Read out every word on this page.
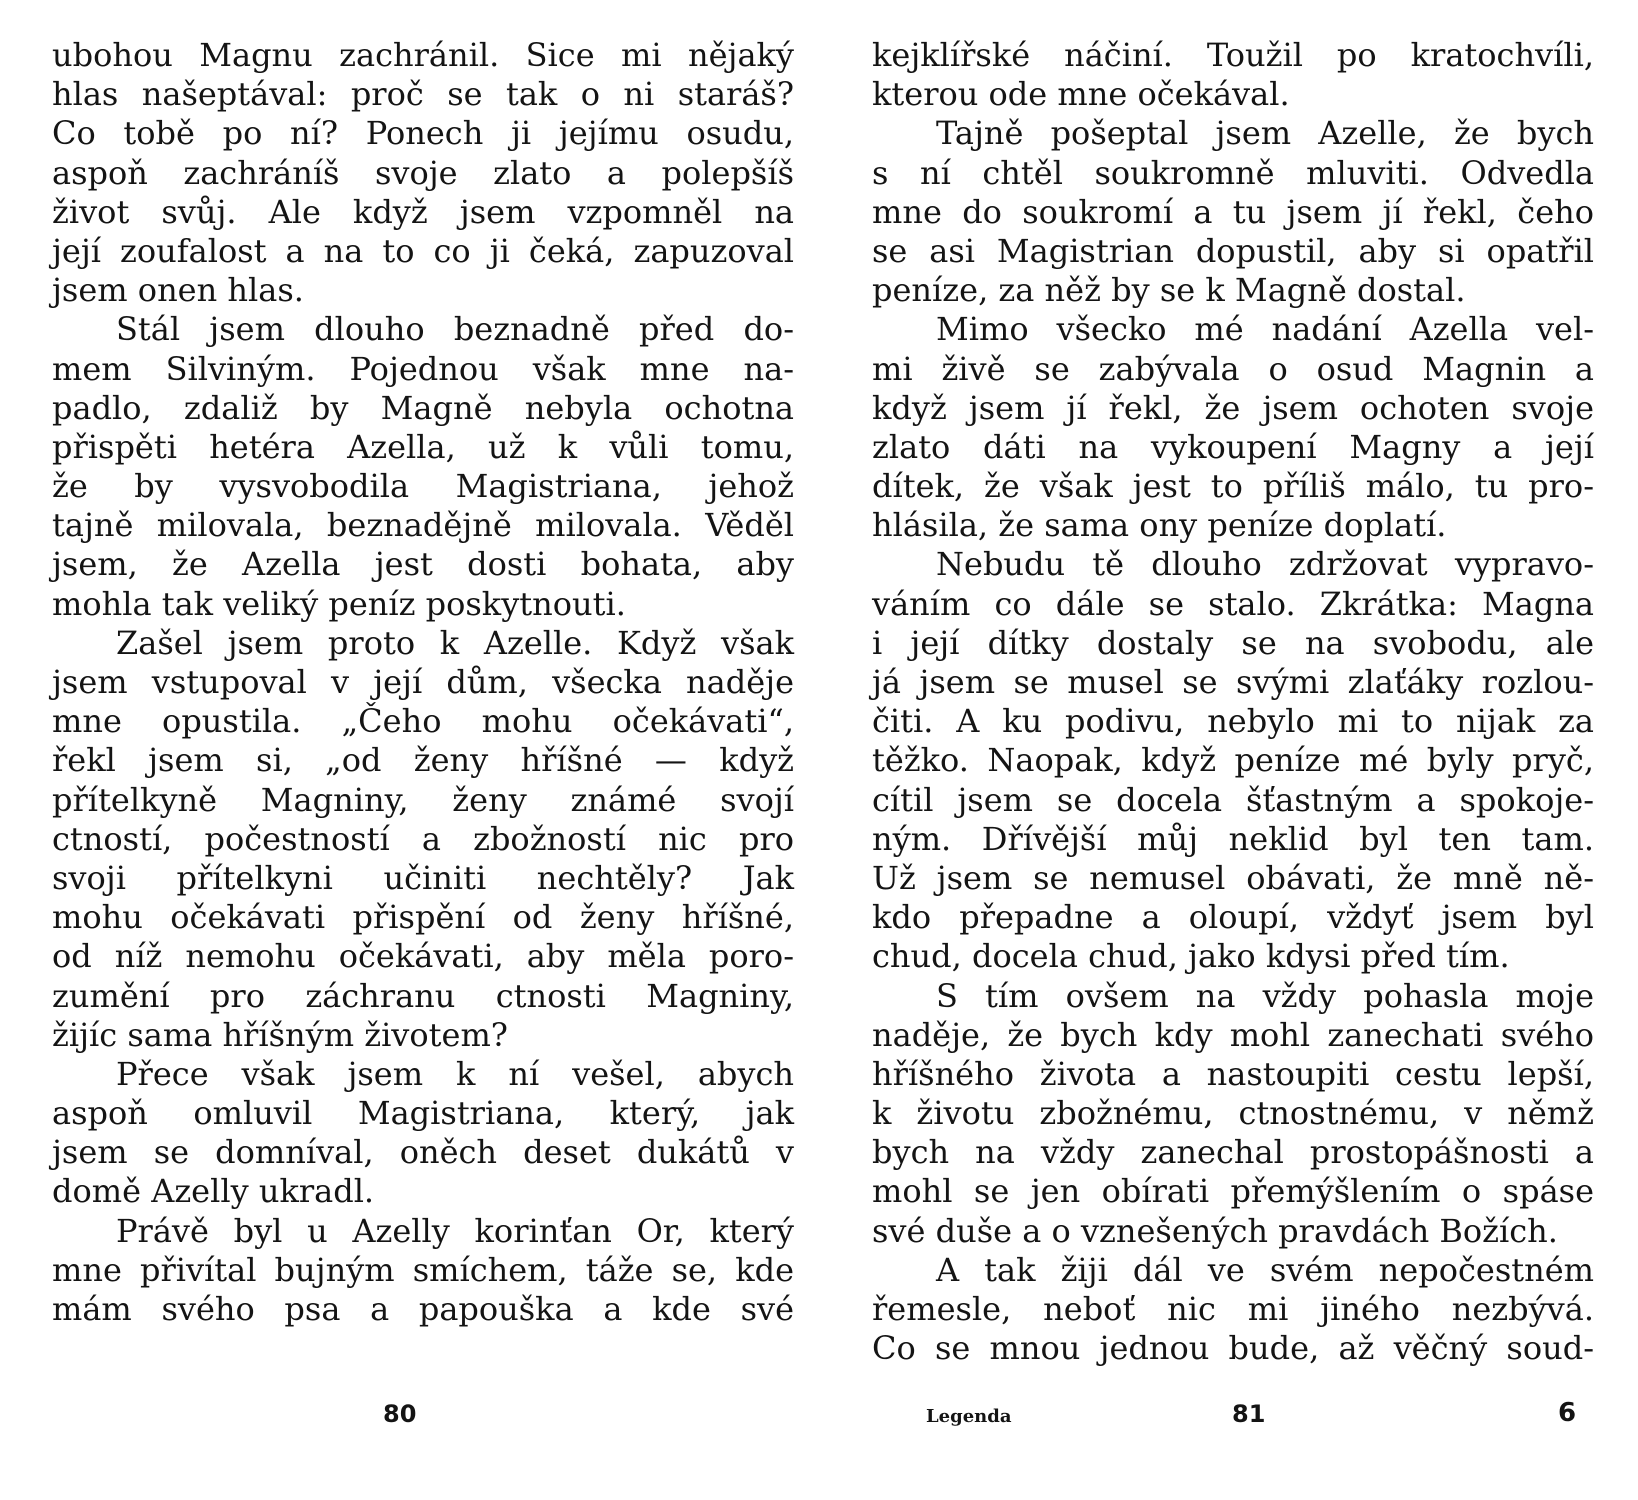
ubohou Magnu zachránil. Sice mi nějaký
hlas našeptával: proč se tak o ni staráš?
Co tobě po ní? Ponech ji jejímu osudu,
aspoň zachráníš svoje zlato a polepšíš
život svůj. Ale když jsem vzpomněl na
její zoufalost a na to co ji čeká, zapuzoval
jsem onen hlas.
Stál jsem dlouho beznadně před do-
mem Silviným. Pojednou však mne na-
padlo, zdaliž by Magně nebyla ochotna
přispěti hetéra Azella, už k vůli tomu,
že by vysvobodila Magistriana, jehož
tajně milovala, beznadějně milovala. Věděl
jsem, že Azella jest dosti bohata, aby
mohla tak veliký peníz poskytnouti.
Zašel jsem proto k Azelle. Když však
jsem vstupoval v její dům, všecka naděje
mne opustila. „Čeho mohu očekávati“,
řekl jsem si, „od ženy hříšné — když
přítelkyně Magniny, ženy známé svojí
ctností, počestností a zbožností nic pro
svoji přítelkyni učiniti nechtěly? Jak
mohu očekávati přispění od ženy hříšné,
od níž nemohu očekávati, aby měla poro-
zumění pro záchranu ctnosti Magniny,
žijíc sama hříšným životem?
Přece však jsem k ní vešel, abych
aspoň omluvil Magistriana, který, jak
jsem se domníval, oněch deset dukátů v
domě Azelly ukradl.
Právě byl u Azelly korinťan Or, který
mne přivítal bujným smíchem, táže se, kde
mám svého psa a papouška a kde své
kejklířské náčiní. Toužil po kratochvíli,
kterou ode mne očekával.
Tajně pošeptal jsem Azelle, že bych
s ní chtěl soukromně mluviti. Odvedla
mne do soukromí a tu jsem jí řekl, čeho
se asi Magistrian dopustil, aby si opatřil
peníze, za něž by se k Magně dostal.
Mimo všecko mé nadání Azella vel-
mi živě se zabývala o osud Magnin a
když jsem jí řekl, že jsem ochoten svoje
zlato dáti na vykoupení Magny a její
dítek, že však jest to příliš málo, tu pro-
hlásila, že sama ony peníze doplatí.
Nebudu tě dlouho zdržovat vypravo-
váním co dále se stalo. Zkrátka: Magna
i její dítky dostaly se na svobodu, ale
já jsem se musel se svými zlaťáky rozlou-
čiti. A ku podivu, nebylo mi to nijak za
těžko. Naopak, když peníze mé byly pryč,
cítil jsem se docela šťastným a spokoje-
ným. Dřívější můj neklid byl ten tam.
Už jsem se nemusel obávati, že mně ně-
kdo přepadne a oloupí, vždyť jsem byl
chud, docela chud, jako kdysi před tím.
S tím ovšem na vždy pohasla moje
naděje, že bych kdy mohl zanechati svého
hříšného života a nastoupiti cestu lepší,
k životu zbožnému, ctnostnému, v němž
bych na vždy zanechal prostopášnosti a
mohl se jen obírati přemýšlením o spáse
své duše a o vznešených pravdách Božích.
A tak žiji dál ve svém nepočestném
řemesle, neboť nic mi jiného nezbývá.
Co se mnou jednou bude, až věčný soud-
80	Legenda	81	6
